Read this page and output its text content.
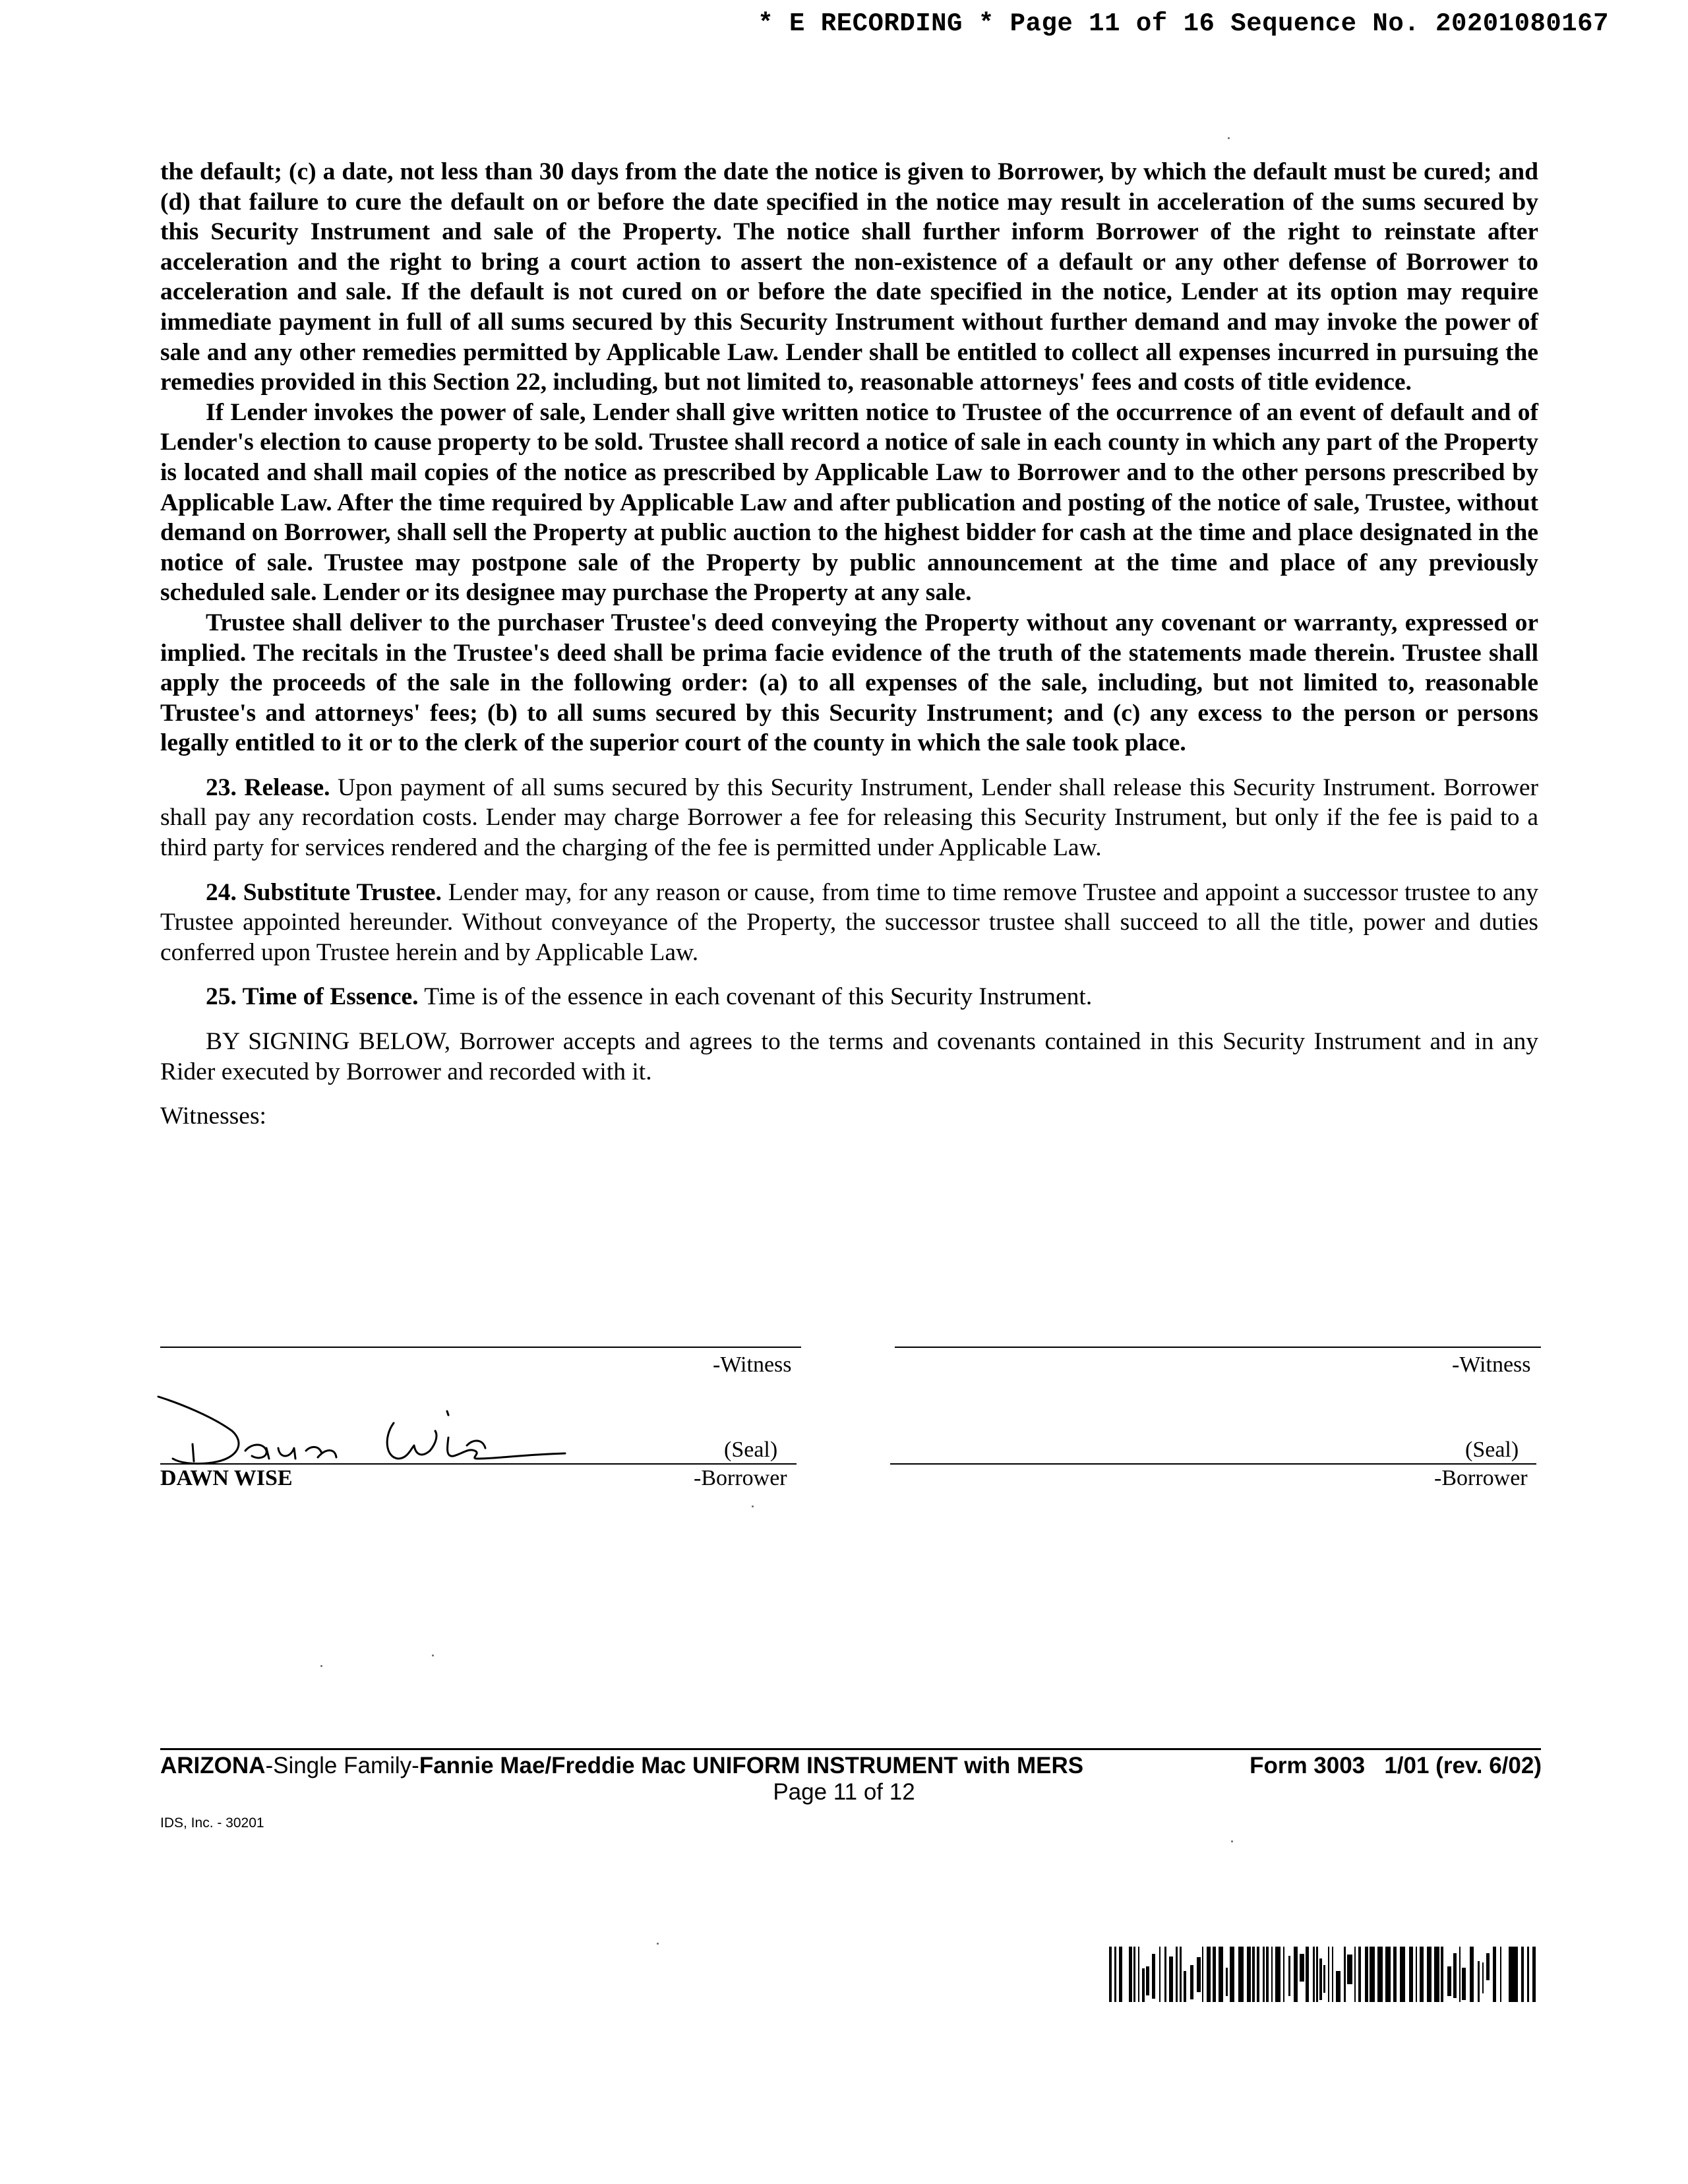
* E RECORDING * Page 11 of 16 Sequence No. 20201080167

the default; (c) a date, not less than 30 days from the date the notice is given to Borrower, by which the default must be cured; and (d) that failure to cure the default on or before the date specified in the notice may result in acceleration of the sums secured by this Security Instrument and sale of the Property. The notice shall further inform Borrower of the right to reinstate after acceleration and the right to bring a court action to assert the non-existence of a default or any other defense of Borrower to acceleration and sale. If the default is not cured on or before the date specified in the notice, Lender at its option may require immediate payment in full of all sums secured by this Security Instrument without further demand and may invoke the power of sale and any other remedies permitted by Applicable Law. Lender shall be entitled to collect all expenses incurred in pursuing the remedies provided in this Section 22, including, but not limited to, reasonable attorneys' fees and costs of title evidence.

If Lender invokes the power of sale, Lender shall give written notice to Trustee of the occurrence of an event of default and of Lender's election to cause property to be sold. Trustee shall record a notice of sale in each county in which any part of the Property is located and shall mail copies of the notice as prescribed by Applicable Law to Borrower and to the other persons prescribed by Applicable Law. After the time required by Applicable Law and after publication and posting of the notice of sale, Trustee, without demand on Borrower, shall sell the Property at public auction to the highest bidder for cash at the time and place designated in the notice of sale. Trustee may postpone sale of the Property by public announcement at the time and place of any previously scheduled sale. Lender or its designee may purchase the Property at any sale.

Trustee shall deliver to the purchaser Trustee's deed conveying the Property without any covenant or warranty, expressed or implied. The recitals in the Trustee's deed shall be prima facie evidence of the truth of the statements made therein. Trustee shall apply the proceeds of the sale in the following order: (a) to all expenses of the sale, including, but not limited to, reasonable Trustee's and attorneys' fees; (b) to all sums secured by this Security Instrument; and (c) any excess to the person or persons legally entitled to it or to the clerk of the superior court of the county in which the sale took place.

23. Release. Upon payment of all sums secured by this Security Instrument, Lender shall release this Security Instrument. Borrower shall pay any recordation costs. Lender may charge Borrower a fee for releasing this Security Instrument, but only if the fee is paid to a third party for services rendered and the charging of the fee is permitted under Applicable Law.

24. Substitute Trustee. Lender may, for any reason or cause, from time to time remove Trustee and appoint a successor trustee to any Trustee appointed hereunder. Without conveyance of the Property, the successor trustee shall succeed to all the title, power and duties conferred upon Trustee herein and by Applicable Law.

25. Time of Essence. Time is of the essence in each covenant of this Security Instrument.

BY SIGNING BELOW, Borrower accepts and agrees to the terms and covenants contained in this Security Instrument and in any Rider executed by Borrower and recorded with it.

Witnesses:

-Witness	-Witness
(Seal)
DAWN WISE	-Borrower
(Seal)
-Borrower
ARIZONA-Single Family-Fannie Mae/Freddie Mac UNIFORM INSTRUMENT with MERS	Form 3003   1/01 (rev. 6/02)
Page 11 of 12
IDS, Inc. - 30201
